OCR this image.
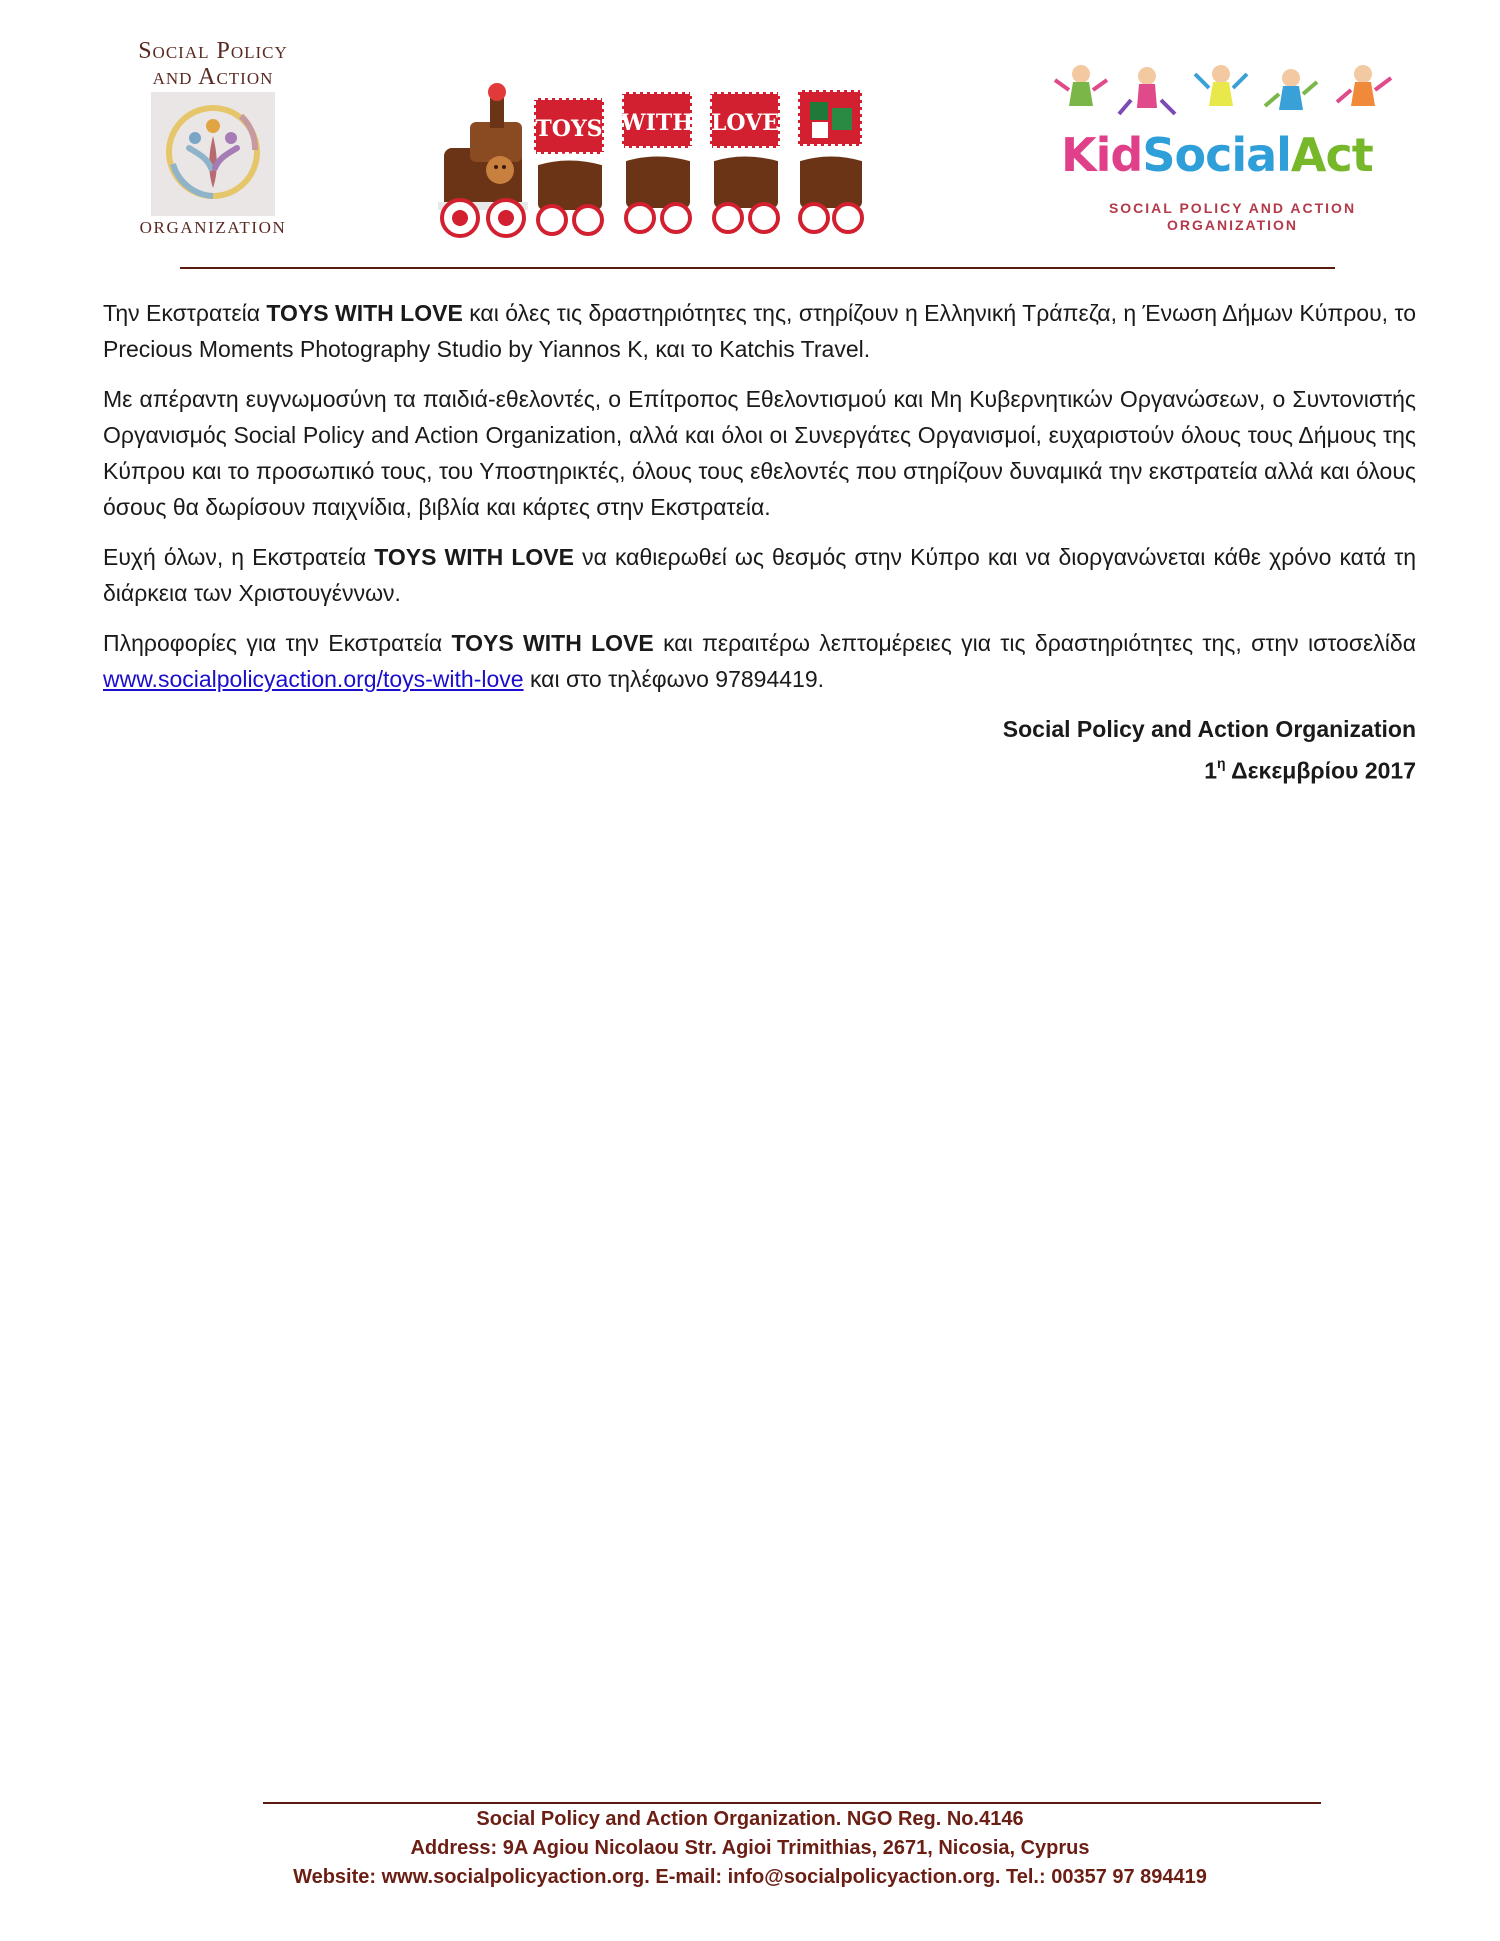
Social Policy
and Action
ORGANIZATION
TOYS WITH LOVE
KidSocialAct
SOCIAL POLICY AND ACTION
ORGANIZATION

Την Εκστρατεία TOYS WITH LOVE και όλες τις δραστηριότητες της, στηρίζουν η Ελληνική Τράπεζα, η Ένωση Δήμων Κύπρου, το Precious Moments Photography Studio by Yiannos K, και το Katchis Travel.

Με απέραντη ευγνωμοσύνη τα παιδιά-εθελοντές, ο Επίτροπος Εθελοντισμού και Μη Κυβερνητικών Οργανώσεων, ο Συντονιστής Οργανισμός Social Policy and Action Organization, αλλά και όλοι οι Συνεργάτες Οργανισμοί, ευχαριστούν όλους τους Δήμους της Κύπρου και το προσωπικό τους, του Υποστηρικτές, όλους τους εθελοντές που στηρίζουν δυναμικά την εκστρατεία αλλά και όλους όσους θα δωρίσουν παιχνίδια, βιβλία και κάρτες στην Εκστρατεία.

Ευχή όλων, η Εκστρατεία TOYS WITH LOVE να καθιερωθεί ως θεσμός στην Κύπρο και να διοργανώνεται κάθε χρόνο κατά τη διάρκεια των Χριστουγέννων.

Πληροφορίες για την Εκστρατεία TOYS WITH LOVE και περαιτέρω λεπτομέρειες για τις δραστηριότητες της, στην ιστοσελίδα www.socialpolicyaction.org/toys-with-love και στο τηλέφωνο 97894419.

Social Policy and Action Organization
$1^\eta$ Δεκεμβρίου 2017
Social Policy and Action Organization. NGO Reg. No.4146
Address: 9A Agiou Nicolaou Str. Agioi Trimithias, 2671, Nicosia, Cyprus
Website: www.socialpolicyaction.org. E-mail: info@socialpolicyaction.org. Tel.: 00357 97 894419
